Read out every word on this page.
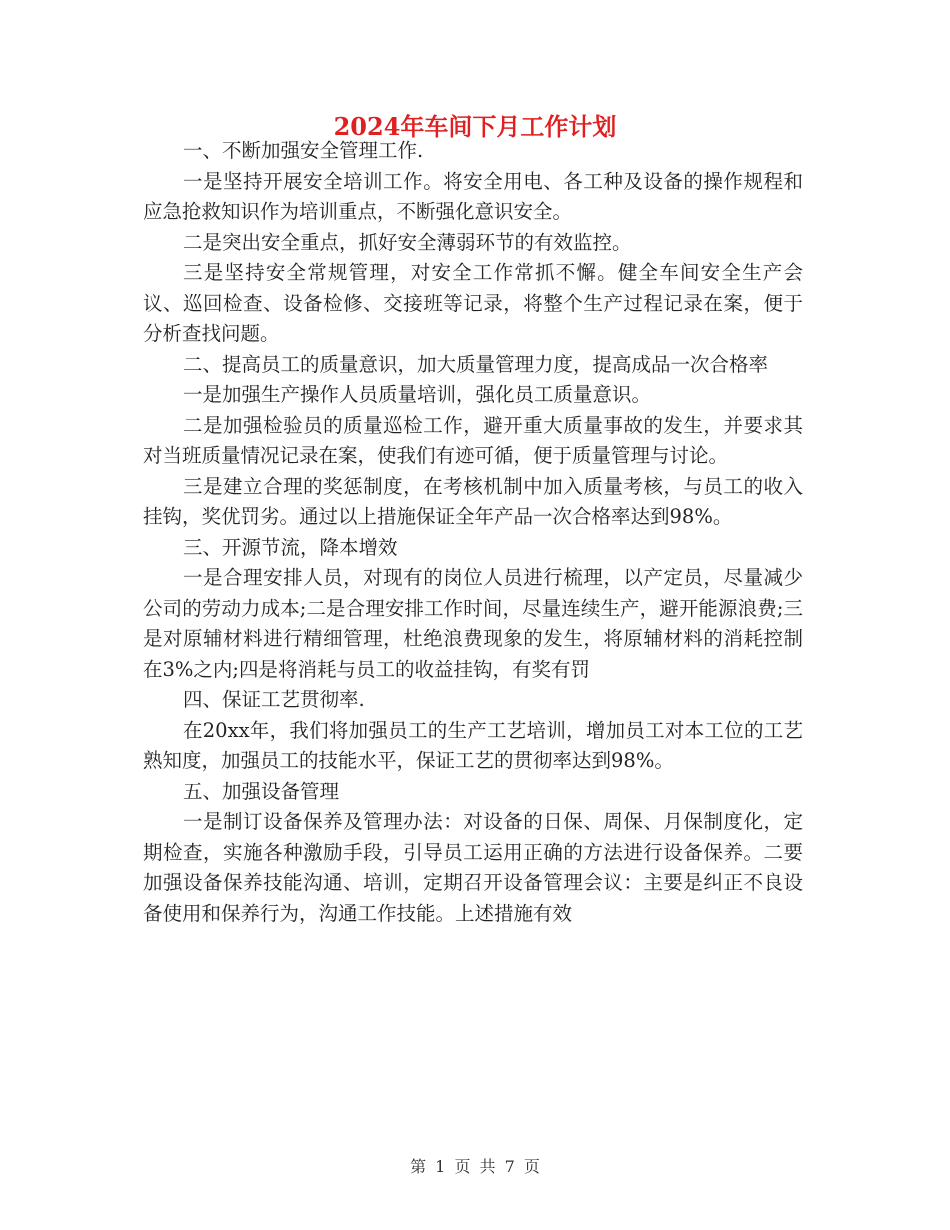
2024年车间下月工作计划

一、不断加强安全管理工作.

一是坚持开展安全培训工作。将安全用电、各工种及设备的操作规程和应急抢救知识作为培训重点，不断强化意识安全。

二是突出安全重点，抓好安全薄弱环节的有效监控。

三是坚持安全常规管理，对安全工作常抓不懈。健全车间安全生产会议、巡回检查、设备检修、交接班等记录，将整个生产过程记录在案，便于分析查找问题。

二、提高员工的质量意识，加大质量管理力度，提高成品一次合格率

一是加强生产操作人员质量培训，强化员工质量意识。

二是加强检验员的质量巡检工作，避开重大质量事故的发生，并要求其对当班质量情况记录在案，使我们有迹可循，便于质量管理与讨论。

三是建立合理的奖惩制度，在考核机制中加入质量考核，与员工的收入挂钩，奖优罚劣。通过以上措施保证全年产品一次合格率达到98%。

三、开源节流，降本增效

一是合理安排人员，对现有的岗位人员进行梳理，以产定员，尽量减少公司的劳动力成本;二是合理安排工作时间，尽量连续生产，避开能源浪费;三是对原辅材料进行精细管理，杜绝浪费现象的发生，将原辅材料的消耗控制在3%之内;四是将消耗与员工的收益挂钩，有奖有罚

四、保证工艺贯彻率.

在20xx年，我们将加强员工的生产工艺培训，增加员工对本工位的工艺熟知度，加强员工的技能水平，保证工艺的贯彻率达到98%。

五、加强设备管理

一是制订设备保养及管理办法：对设备的日保、周保、月保制度化，定期检查，实施各种激励手段，引导员工运用正确的方法进行设备保养。二要加强设备保养技能沟通、培训，定期召开设备管理会议：主要是纠正不良设备使用和保养行为，沟通工作技能。上述措施有效

第 1 页 共 7 页
